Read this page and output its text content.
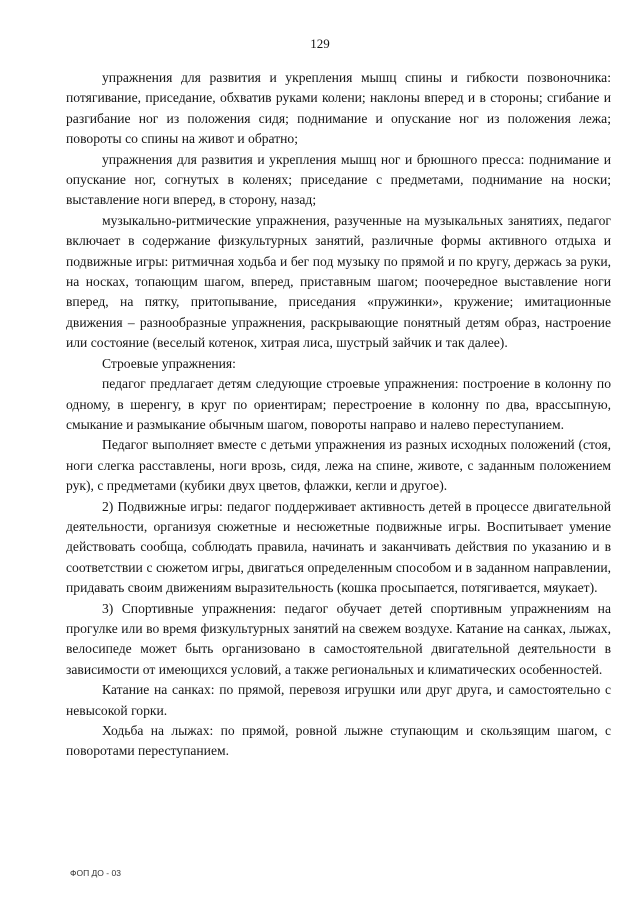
129

упражнения для развития и укрепления мышц спины и гибкости позвоночника: потягивание, приседание, обхватив руками колени; наклоны вперед и в стороны; сгибание и разгибание ног из положения сидя; поднимание и опускание ног из положения лежа; повороты со спины на живот и обратно;

упражнения для развития и укрепления мышц ног и брюшного пресса: поднимание и опускание ног, согнутых в коленях; приседание с предметами, поднимание на носки; выставление ноги вперед, в сторону, назад;

музыкально-ритмические упражнения, разученные на музыкальных занятиях, педагог включает в содержание физкультурных занятий, различные формы активного отдыха и подвижные игры: ритмичная ходьба и бег под музыку по прямой и по кругу, держась за руки, на носках, топающим шагом, вперед, приставным шагом; поочередное выставление ноги вперед, на пятку, притопывание, приседания «пружинки», кружение; имитационные движения – разнообразные упражнения, раскрывающие понятный детям образ, настроение или состояние (веселый котенок, хитрая лиса, шустрый зайчик и так далее).

Строевые упражнения:

педагог предлагает детям следующие строевые упражнения: построение в колонну по одному, в шеренгу, в круг по ориентирам; перестроение в колонну по два, врассыпную, смыкание и размыкание обычным шагом, повороты направо и налево переступанием.

Педагог выполняет вместе с детьми упражнения из разных исходных положений (стоя, ноги слегка расставлены, ноги врозь, сидя, лежа на спине, животе, с заданным положением рук), с предметами (кубики двух цветов, флажки, кегли и другое).

2) Подвижные игры: педагог поддерживает активность детей в процессе двигательной деятельности, организуя сюжетные и несюжетные подвижные игры. Воспитывает умение действовать сообща, соблюдать правила, начинать и заканчивать действия по указанию и в соответствии с сюжетом игры, двигаться определенным способом и в заданном направлении, придавать своим движениям выразительность (кошка просыпается, потягивается, мяукает).

3) Спортивные упражнения: педагог обучает детей спортивным упражнениям на прогулке или во время физкультурных занятий на свежем воздухе. Катание на санках, лыжах, велосипеде может быть организовано в самостоятельной двигательной деятельности в зависимости от имеющихся условий, а также региональных и климатических особенностей.

Катание на санках: по прямой, перевозя игрушки или друг друга, и самостоятельно с невысокой горки.

Ходьба на лыжах: по прямой, ровной лыжне ступающим и скользящим шагом, с поворотами переступанием.

ФОП ДО - 03
